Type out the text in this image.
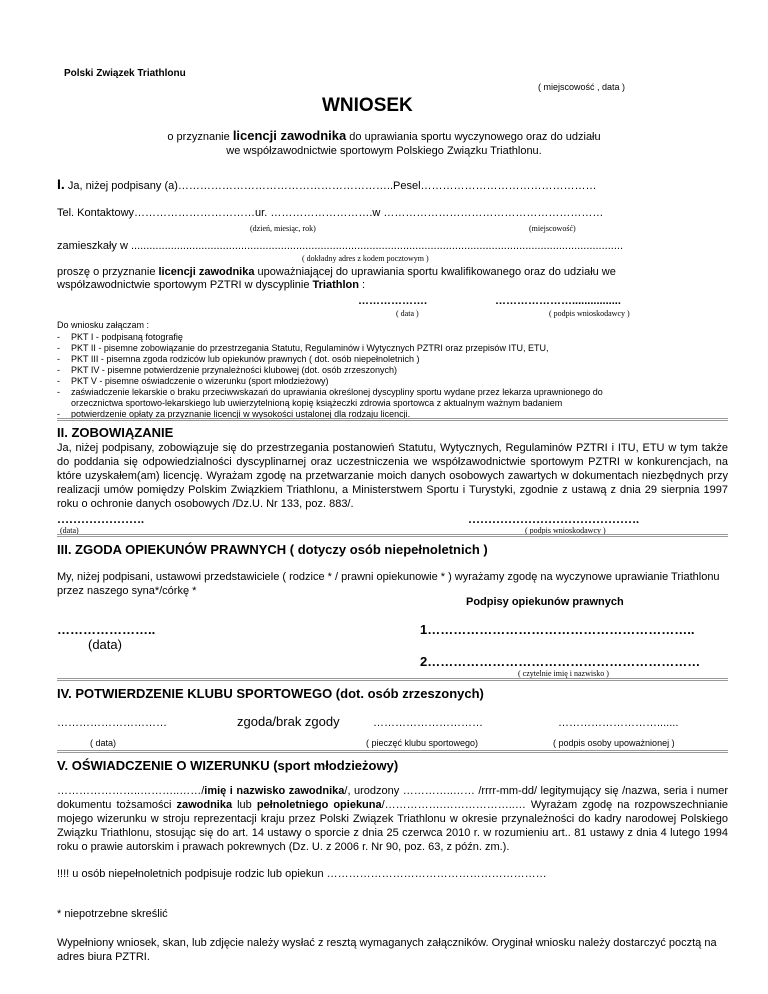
Polski Związek Triathlonu
( miejscowość , data )
WNIOSEK
o przyznanie licencji zawodnika do uprawiania sportu wyczynowego oraz do udziału
we współzawodnictwie sportowym Polskiego Związku Triathlonu.
I. Ja, niżej podpisany (a)…………………………………………………..Pesel…………………………………………
Tel. Kontaktowy……………………………ur. ……………………….w ……………………………………………………
(dzień, miesiąc, rok)	(miejscowość)
zamieszkały w .................................................................................................................................................................
( dokładny adres z kodem pocztowym )
proszę o przyznanie licencji zawodnika upoważniającej do uprawiania sportu kwalifikowanego oraz do udziału we
współzawodnictwie sportowym PZTRI w dyscyplinie Triathlon :
……………….	…………………................
( data )	( podpis wnioskodawcy )
Do wniosku załączam :
- PKT I - podpisaną fotografię
- PKT II - pisemne zobowiązanie do przestrzegania Statutu, Regulaminów i Wytycznych PZTRI oraz przepisów ITU, ETU,
- PKT III - pisemna zgoda rodziców lub opiekunów prawnych ( dot. osób niepełnoletnich )
- PKT IV - pisemne potwierdzenie przynależności klubowej (dot. osób zrzeszonych)
- PKT V - pisemne oświadczenie o wizerunku (sport młodzieżowy)
- zaświadczenie lekarskie o braku przeciwwskazań do uprawiania określonej dyscypliny sportu wydane przez lekarza uprawnionego do
orzecznictwa sportowo-lekarskiego lub uwierzytelnioną kopię książeczki zdrowia sportowca z aktualnym ważnym badaniem
- potwierdzenie opłaty za przyznanie licencji w wysokości ustalonej dla rodzaju licencji.
II. ZOBOWIĄZANIE
Ja, niżej podpisany, zobowiązuje się do przestrzegania postanowień Statutu, Wytycznych, Regulaminów PZTRI i ITU, ETU w tym także do poddania się odpowiedzialności dyscyplinarnej oraz uczestniczenia we współzawodnictwie sportowym PZTRI w konkurencjach, na które uzyskałem(am) licencję. Wyrażam zgodę na przetwarzanie moich danych osobowych zawartych w dokumentach niezbędnych przy realizacji umów pomiędzy Polskim Związkiem Triathlonu, a Ministerstwem Sportu i Turystyki, zgodnie z ustawą z dnia 29 sierpnia 1997 roku o ochronie danych osobowych /Dz.U. Nr 133, poz. 883/.
………………….	…………………………………….
(data)	( podpis wnioskodawcy )
III. ZGODA OPIEKUNÓW PRAWNYCH ( dotyczy osób niepełnoletnich )
My, niżej podpisani, ustawowi przedstawiciele ( rodzice * / prawni opiekunowie * ) wyrażamy zgodę na wyczynowe uprawianie Triathlonu przez naszego syna*/córkę *
Podpisy opiekunów prawnych
…………………..
(data)
1……………………………………………………..
2………………………………………………………
( czytelnie imię i nazwisko )
IV. POTWIERDZENIE KLUBU SPORTOWEGO (dot. osób zrzeszonych)
…………………………	zgoda/brak zgody	…………………………	……………………….......
( data)	( pieczęć klubu sportowego)	( podpis osoby upoważnionej )
V. OŚWIADCZENIE O WIZERUNKU (sport młodzieżowy)
…………………..………..……/imię i nazwisko zawodnika/, urodzony …………..…… /rrrr-mm-dd/ legitymujący się /nazwa, seria i numer dokumentu tożsamości zawodnika lub pełnoletniego opiekuna/…………….………………..… Wyrażam zgodę na rozpowszechnianie mojego wizerunku w stroju reprezentacji kraju przez Polski Związek Triathlonu w okresie przynależności do kadry narodowej Polskiego Związku Triathlonu, stosując się do art. 14 ustawy o sporcie z dnia 25 czerwca 2010 r. w rozumieniu art.. 81 ustawy z dnia 4 lutego 1994 roku o prawie autorskim i prawach pokrewnych (Dz. U. z 2006 r. Nr 90, poz. 63, z późn. zm.).
!!!! u osób niepełnoletnich podpisuje rodzic lub opiekun ……………………………………………………
* niepotrzebne skreślić
Wypełniony wniosek, skan, lub zdjęcie należy wysłać z resztą wymaganych załączników. Oryginał wniosku należy dostarczyć pocztą na adres biura PZTRI.
